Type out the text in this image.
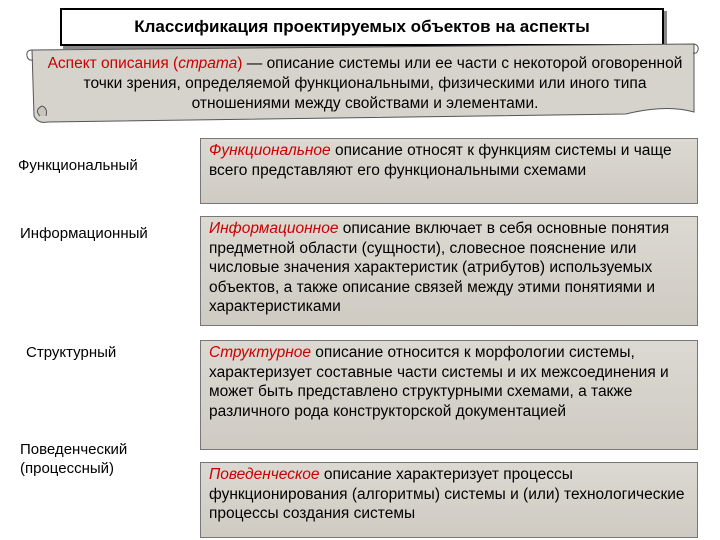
Классификация проектируемых объектов на аспекты
Аспект описания (страта) — описание системы или ее части с некоторой оговоренной точки зрения, определяемой функциональными, физическими или иного типа отношениями между свойствами и элементами.
Функциональный
Информационный
Структурный
Поведенческий (процессный)
Функциональное описание относят к функциям системы и чаще всего представляют его функциональными схемами
Информационное описание включает в себя основные понятия предметной области (сущности), словесное пояснение или числовые значения характеристик (атрибутов) используемых объектов, а также описание связей между этими понятиями и характеристиками
Структурное описание относится к морфологии системы, характеризует составные части системы и их межсоединения и может быть представлено структурными схемами, а также различного рода конструкторской документацией
Поведенческое описание характеризует процессы функционирования (алгоритмы) системы и (или) технологические процессы создания системы
